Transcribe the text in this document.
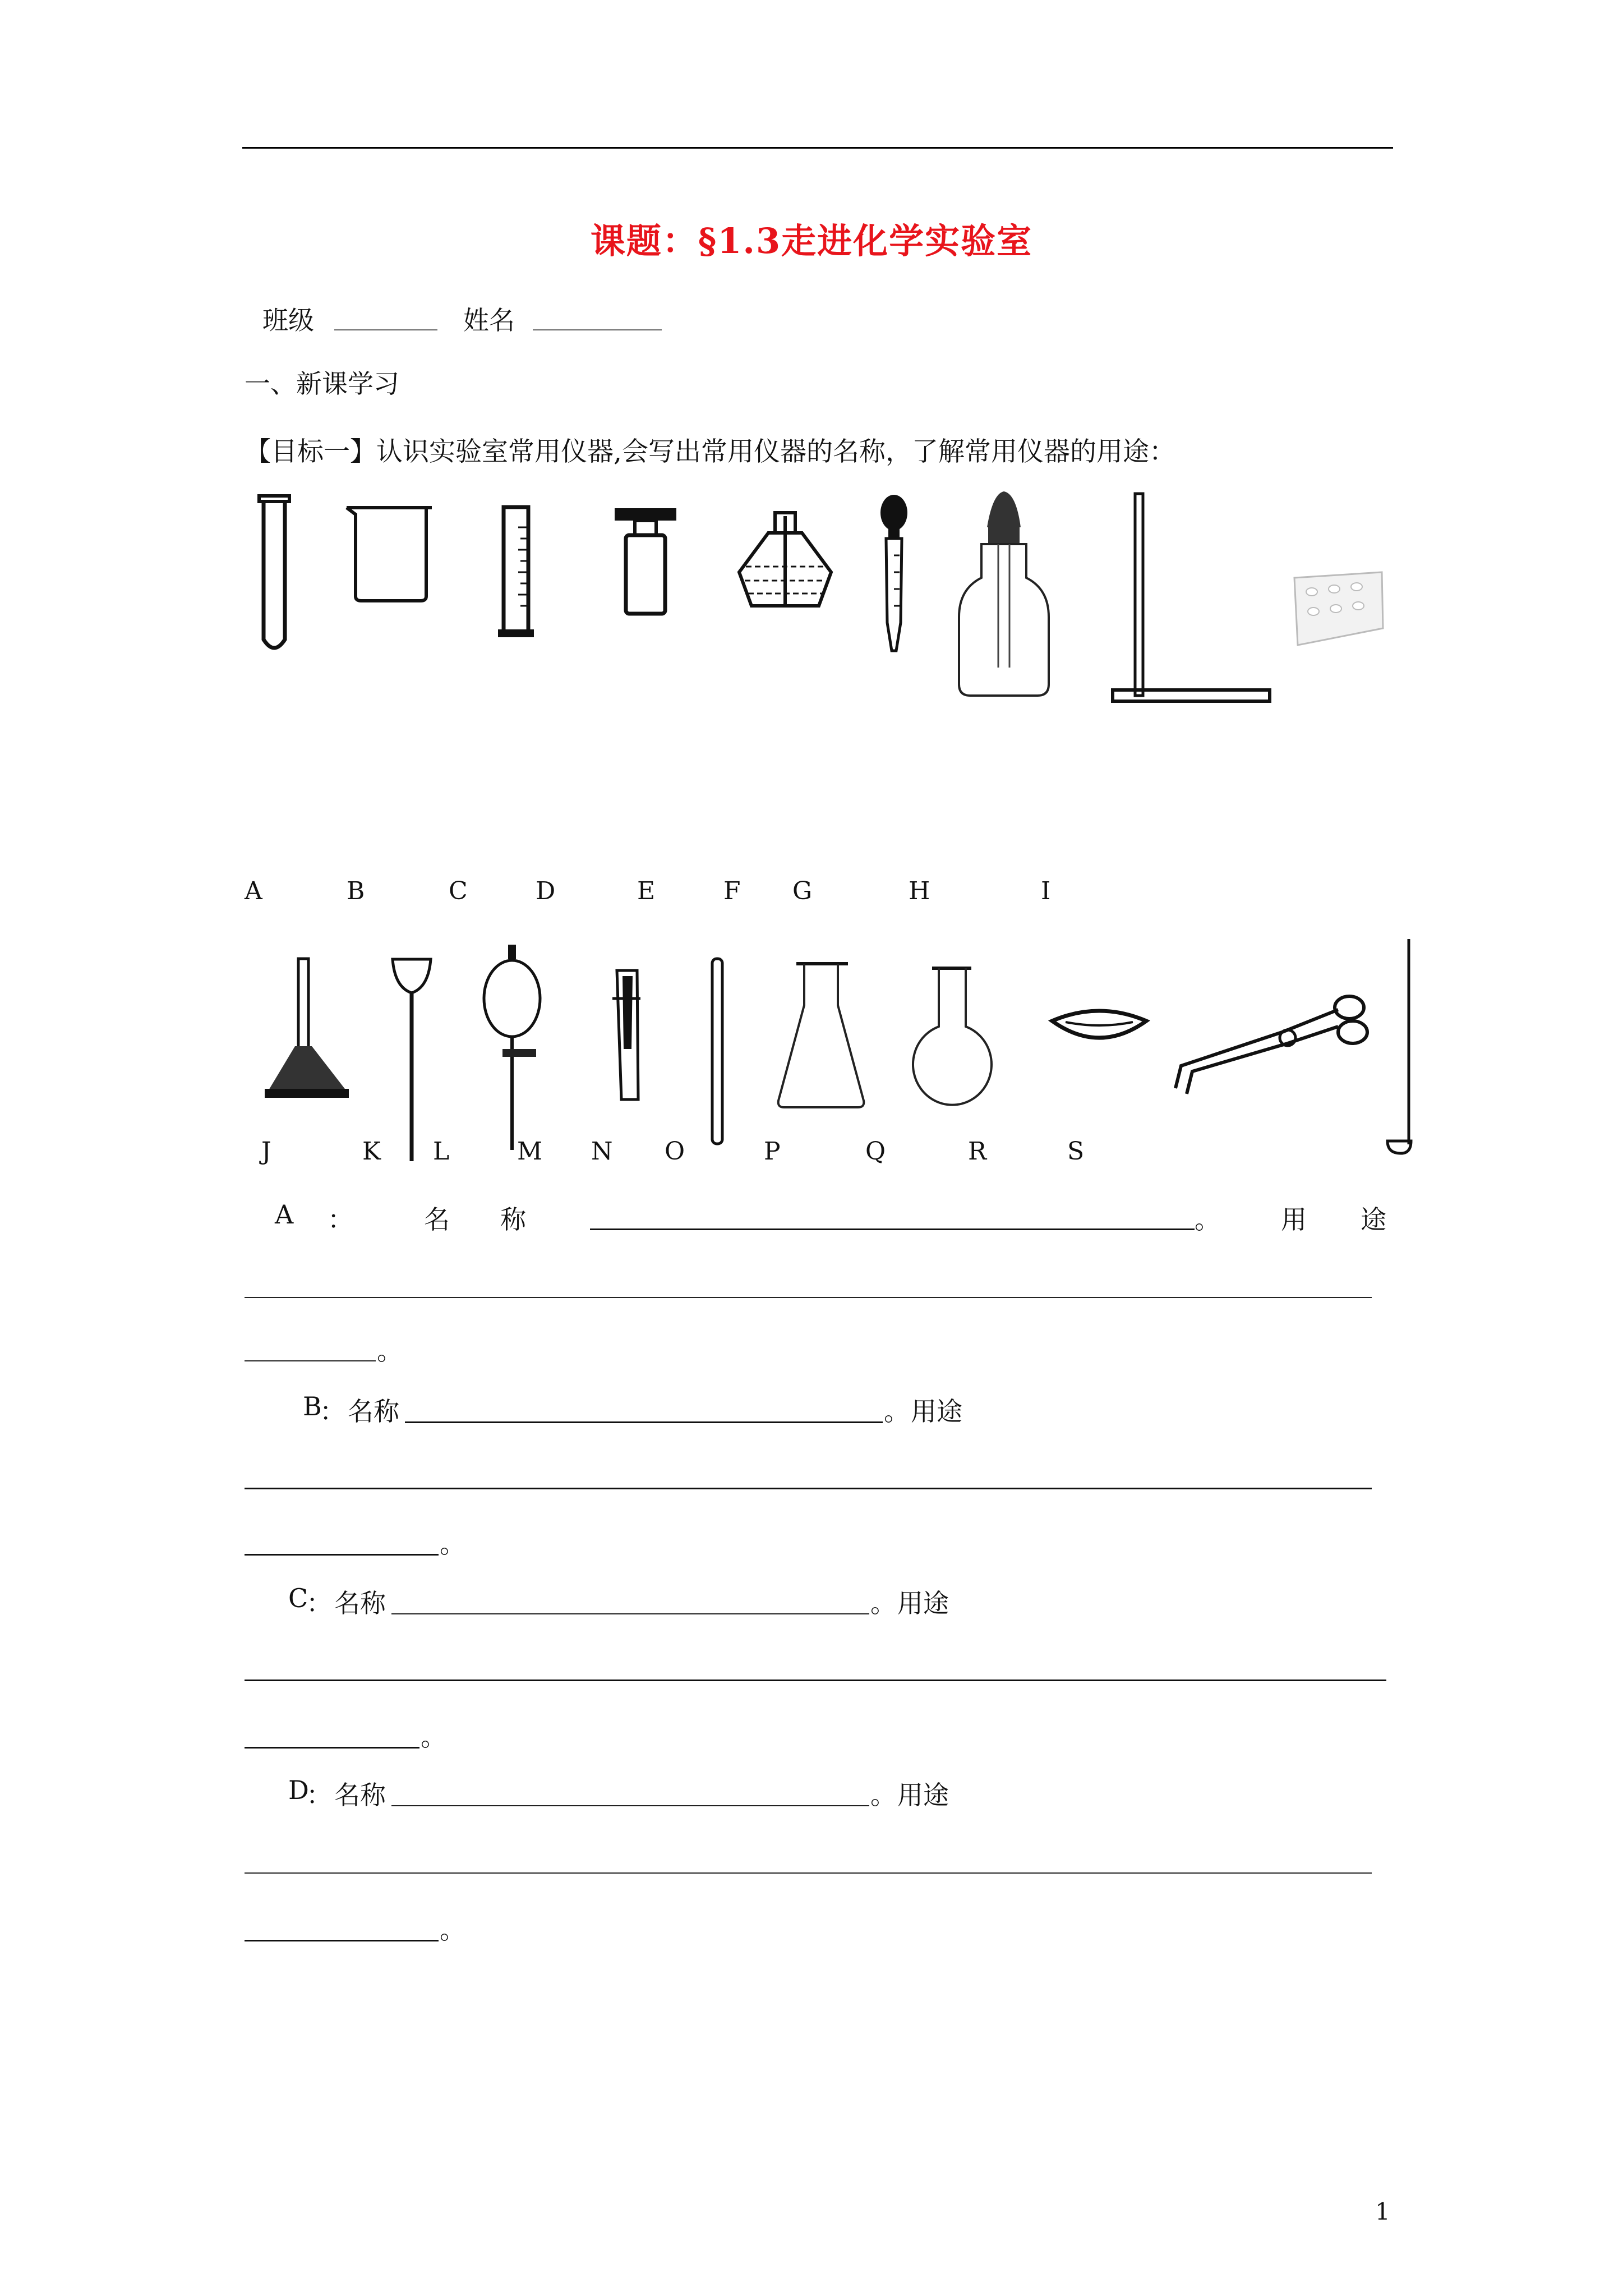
课题：§1.3走进化学实验室
班级 ________ 姓名 __________
一、新课学习
【目标一】认识实验室常用仪器,会写出常用仪器的名称，了解常用仪器的用途：
A	B	C	D	E	F G	H	I
J	K L	M N O	P	Q	R	S
A ：	名称	。 用途
。
B
： 名称	。 用途
。
C
： 名称	。 用途
。
D
： 名称	。 用途
。
1
